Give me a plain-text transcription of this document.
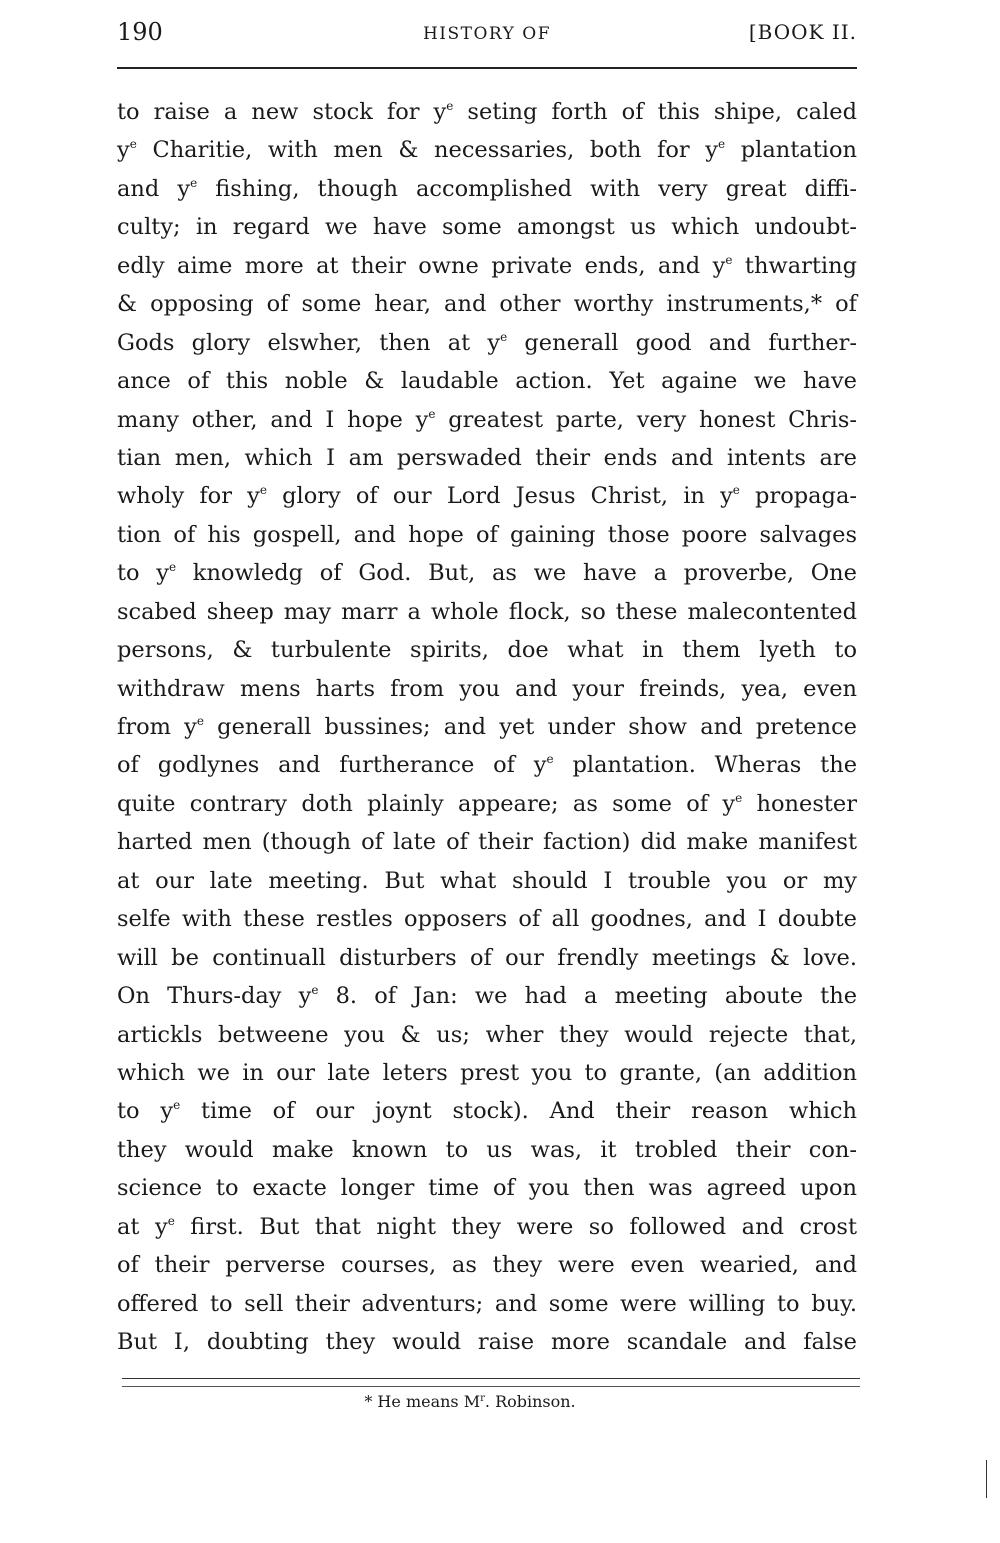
190	HISTORY OF	[BOOK II.
to raise a new stock for $y^e$ seting forth of this shipe, caled
$y^e$ Charitie, with men & necessaries, both for $y^e$ plantation
and $y^e$ fishing, though accomplished with very great diffi-
culty; in regard we have some amongst us which undoubt-
edly aime more at their owne private ends, and $y^e$ thwarting
& opposing of some hear, and other worthy instruments,* of
Gods glory elswher, then at $y^e$ generall good and further-
ance of this noble & laudable action. Yet againe we have
many other, and I hope $y^e$ greatest parte, very honest Chris-
tian men, which I am perswaded their ends and intents are
wholy for $y^e$ glory of our Lord Jesus Christ, in $y^e$ propaga-
tion of his gospell, and hope of gaining those poore salvages
to $y^e$ knowledg of God. But, as we have a proverbe, One
scabed sheep may marr a whole flock, so these malecontented
persons, & turbulente spirits, doe what in them lyeth to
withdraw mens harts from you and your freinds, yea, even
from $y^e$ generall bussines; and yet under show and pretence
of godlynes and furtherance of $y^e$ plantation. Wheras the
quite contrary doth plainly appeare; as some of $y^e$ honester
harted men (though of late of their faction) did make manifest
at our late meeting. But what should I trouble you or my
selfe with these restles opposers of all goodnes, and I doubte
will be continuall disturbers of our frendly meetings & love.
On Thurs-day $y^e$ 8. of Jan: we had a meeting aboute the
artickls betweene you & us; wher they would rejecte that,
which we in our late leters prest you to grante, (an addition
to $y^e$ time of our joynt stock). And their reason which
they would make known to us was, it trobled their con-
science to exacte longer time of you then was agreed upon
at $y^e$ first. But that night they were so followed and crost
of their perverse courses, as they were even wearied, and
offered to sell their adventurs; and some were willing to buy.
But I, doubting they would raise more scandale and false
* He means $M^r$. Robinson.
